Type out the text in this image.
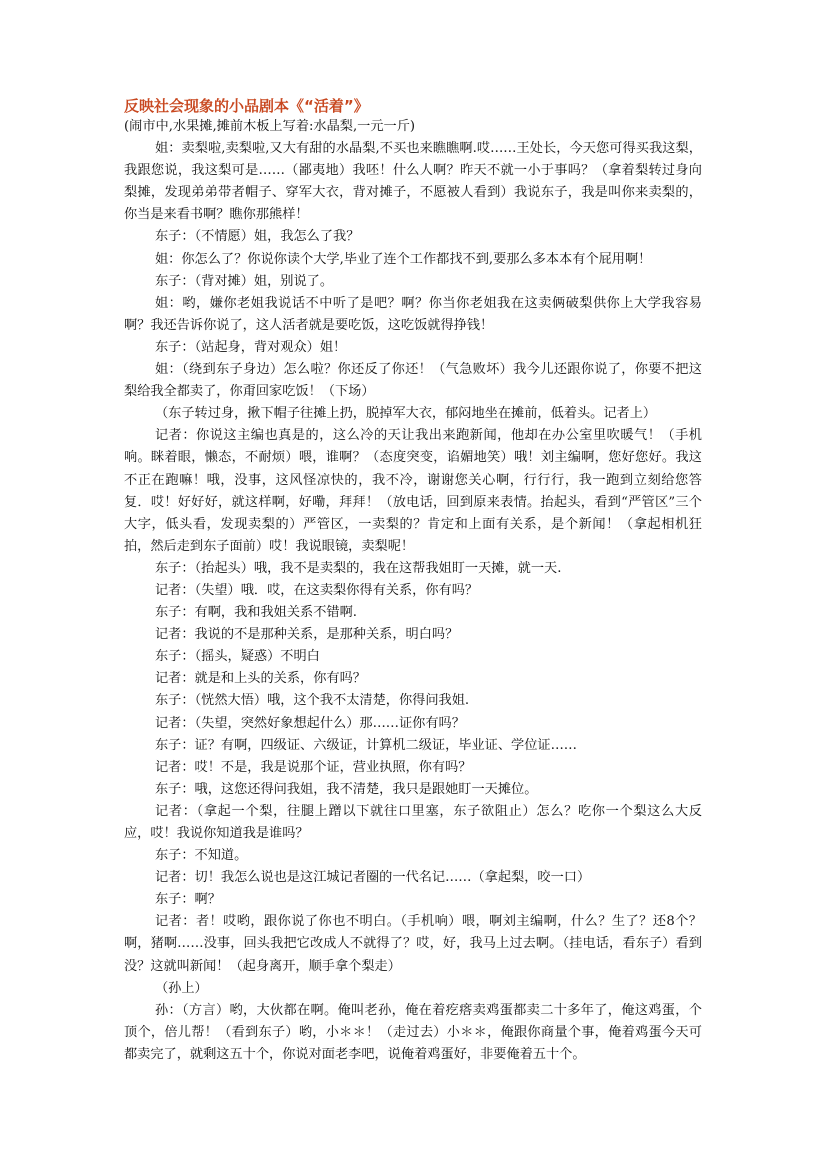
反映社会现象的小品剧本《“活着”》

(闹市中,水果摊,摊前木板上写着:水晶梨,一元一斤)

姐：卖梨啦,卖梨啦,又大有甜的水晶梨,不买也来瞧瞧啊.哎……王处长，今天您可得买我这梨，我跟您说，我这梨可是……（鄙夷地）我呸！什么人啊？昨天不就一小于事吗？（拿着梨转过身向梨摊，发现弟弟带者帽子、穿军大衣，背对摊子，不愿被人看到）我说东子，我是叫你来卖梨的，你当是来看书啊？瞧你那熊样！

东子：（不情愿）姐，我怎么了我？

姐：你怎么了？你说你读个大学,毕业了连个工作都找不到,要那么多本本有个屁用啊！

东子：（背对摊）姐，别说了。

姐：哟，嫌你老姐我说话不中听了是吧？啊？你当你老姐我在这卖俩破梨供你上大学我容易啊？我还告诉你说了，这人活者就是要吃饭，这吃饭就得挣钱！

东子：（站起身，背对观众）姐！

姐：（绕到东子身边）怎么啦？你还反了你还！（气急败坏）我今儿还跟你说了，你要不把这梨给我全都卖了，你甭回家吃饭！（下场）

（东子转过身，揪下帽子往摊上扔，脱掉军大衣，郁闷地坐在摊前，低着头。记者上）

记者：你说这主编也真是的，这么冷的天让我出来跑新闻，他却在办公室里吹暖气！（手机响。眯着眼，懒态，不耐烦）喂，谁啊？（态度突变，谄媚地笑）哦！刘主编啊，您好您好。我这不正在跑嘛！哦，没事，这风怪凉快的，我不冷，谢谢您关心啊，行行行，我一跑到立刻给您答复．哎！好好好，就这样啊，好嘞，拜拜！（放电话，回到原来表情。抬起头，看到“严管区”三个大字，低头看，发现卖梨的）严管区，一卖梨的？肯定和上面有关系，是个新闻！（拿起相机狂拍，然后走到东子面前）哎！我说眼镜，卖梨呢！

东子：（抬起头）哦，我不是卖梨的，我在这帮我姐盯一天摊，就一天.

记者：（失望）哦．哎，在这卖梨你得有关系，你有吗？

东子：有啊，我和我姐关系不错啊.

记者：我说的不是那种关系，是那种关系，明白吗？

东子：（摇头，疑惑）不明白

记者：就是和上头的关系，你有吗？

东子：（恍然大悟）哦，这个我不太清楚，你得问我姐.

记者：（失望，突然好象想起什么）那……证你有吗？

东子：证？有啊，四级证、六级证，计算机二级证，毕业证、学位证……

记者：哎！不是，我是说那个证，营业执照，你有吗？

东子：哦，这您还得问我姐，我不清楚，我只是跟她盯一天摊位。

记者：（拿起一个梨，往腿上蹭以下就往口里塞，东子欲阻止）怎么？吃你一个梨这么大反应，哎！我说你知道我是谁吗？

东子：不知道。

记者：切！我怎么说也是这江城记者圈的一代名记……（拿起梨，咬一口）

东子：啊？

记者：者！哎哟，跟你说了你也不明白。（手机响）喂，啊刘主编啊，什么？生了？还8个？啊，猪啊……没事，回头我把它改成人不就得了？哎，好，我马上过去啊。（挂电话，看东子）看到没？这就叫新闻！（起身离开，顺手拿个梨走）

（孙上）

孙：（方言）哟，大伙都在啊。俺叫老孙，俺在着疙瘩卖鸡蛋都卖二十多年了，俺这鸡蛋，个顶个，倍儿帮！（看到东子）哟，小＊＊！（走过去）小＊＊，俺跟你商量个事，俺着鸡蛋今天可都卖完了，就剩这五十个，你说对面老李吧，说俺着鸡蛋好，非要俺着五十个。
